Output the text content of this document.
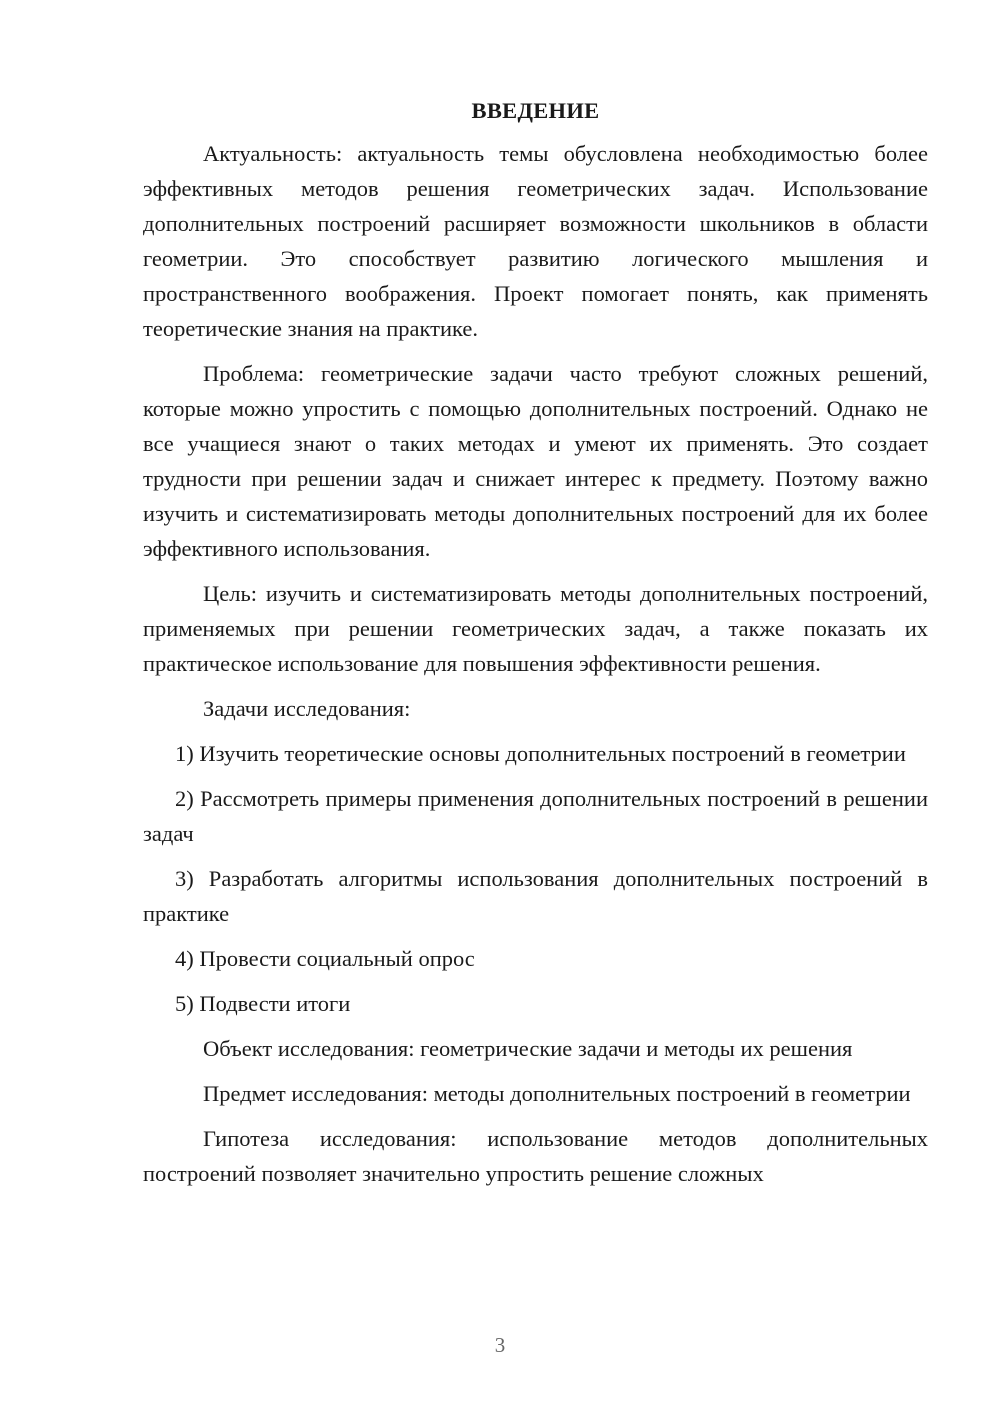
ВВЕДЕНИЕ
Актуальность: актуальность темы обусловлена необходимостью более эффективных методов решения геометрических задач. Использование дополнительных построений расширяет возможности школьников в области геометрии. Это способствует развитию логического мышления и пространственного воображения. Проект помогает понять, как применять теоретические знания на практике.
Проблема: геометрические задачи часто требуют сложных решений, которые можно упростить с помощью дополнительных построений. Однако не все учащиеся знают о таких методах и умеют их применять. Это создает трудности при решении задач и снижает интерес к предмету. Поэтому важно изучить и систематизировать методы дополнительных построений для их более эффективного использования.
Цель: изучить и систематизировать методы дополнительных построений, применяемых при решении геометрических задач, а также показать их практическое использование для повышения эффективности решения.
Задачи исследования:
1) Изучить теоретические основы дополнительных построений в геометрии
2) Рассмотреть примеры применения дополнительных построений в решении задач
3) Разработать алгоритмы использования дополнительных построений в практике
4) Провести социальный опрос
5) Подвести итоги
Объект исследования: геометрические задачи и методы их решения
Предмет исследования: методы дополнительных построений в геометрии
Гипотеза исследования: использование методов дополнительных построений позволяет значительно упростить решение сложных
3
